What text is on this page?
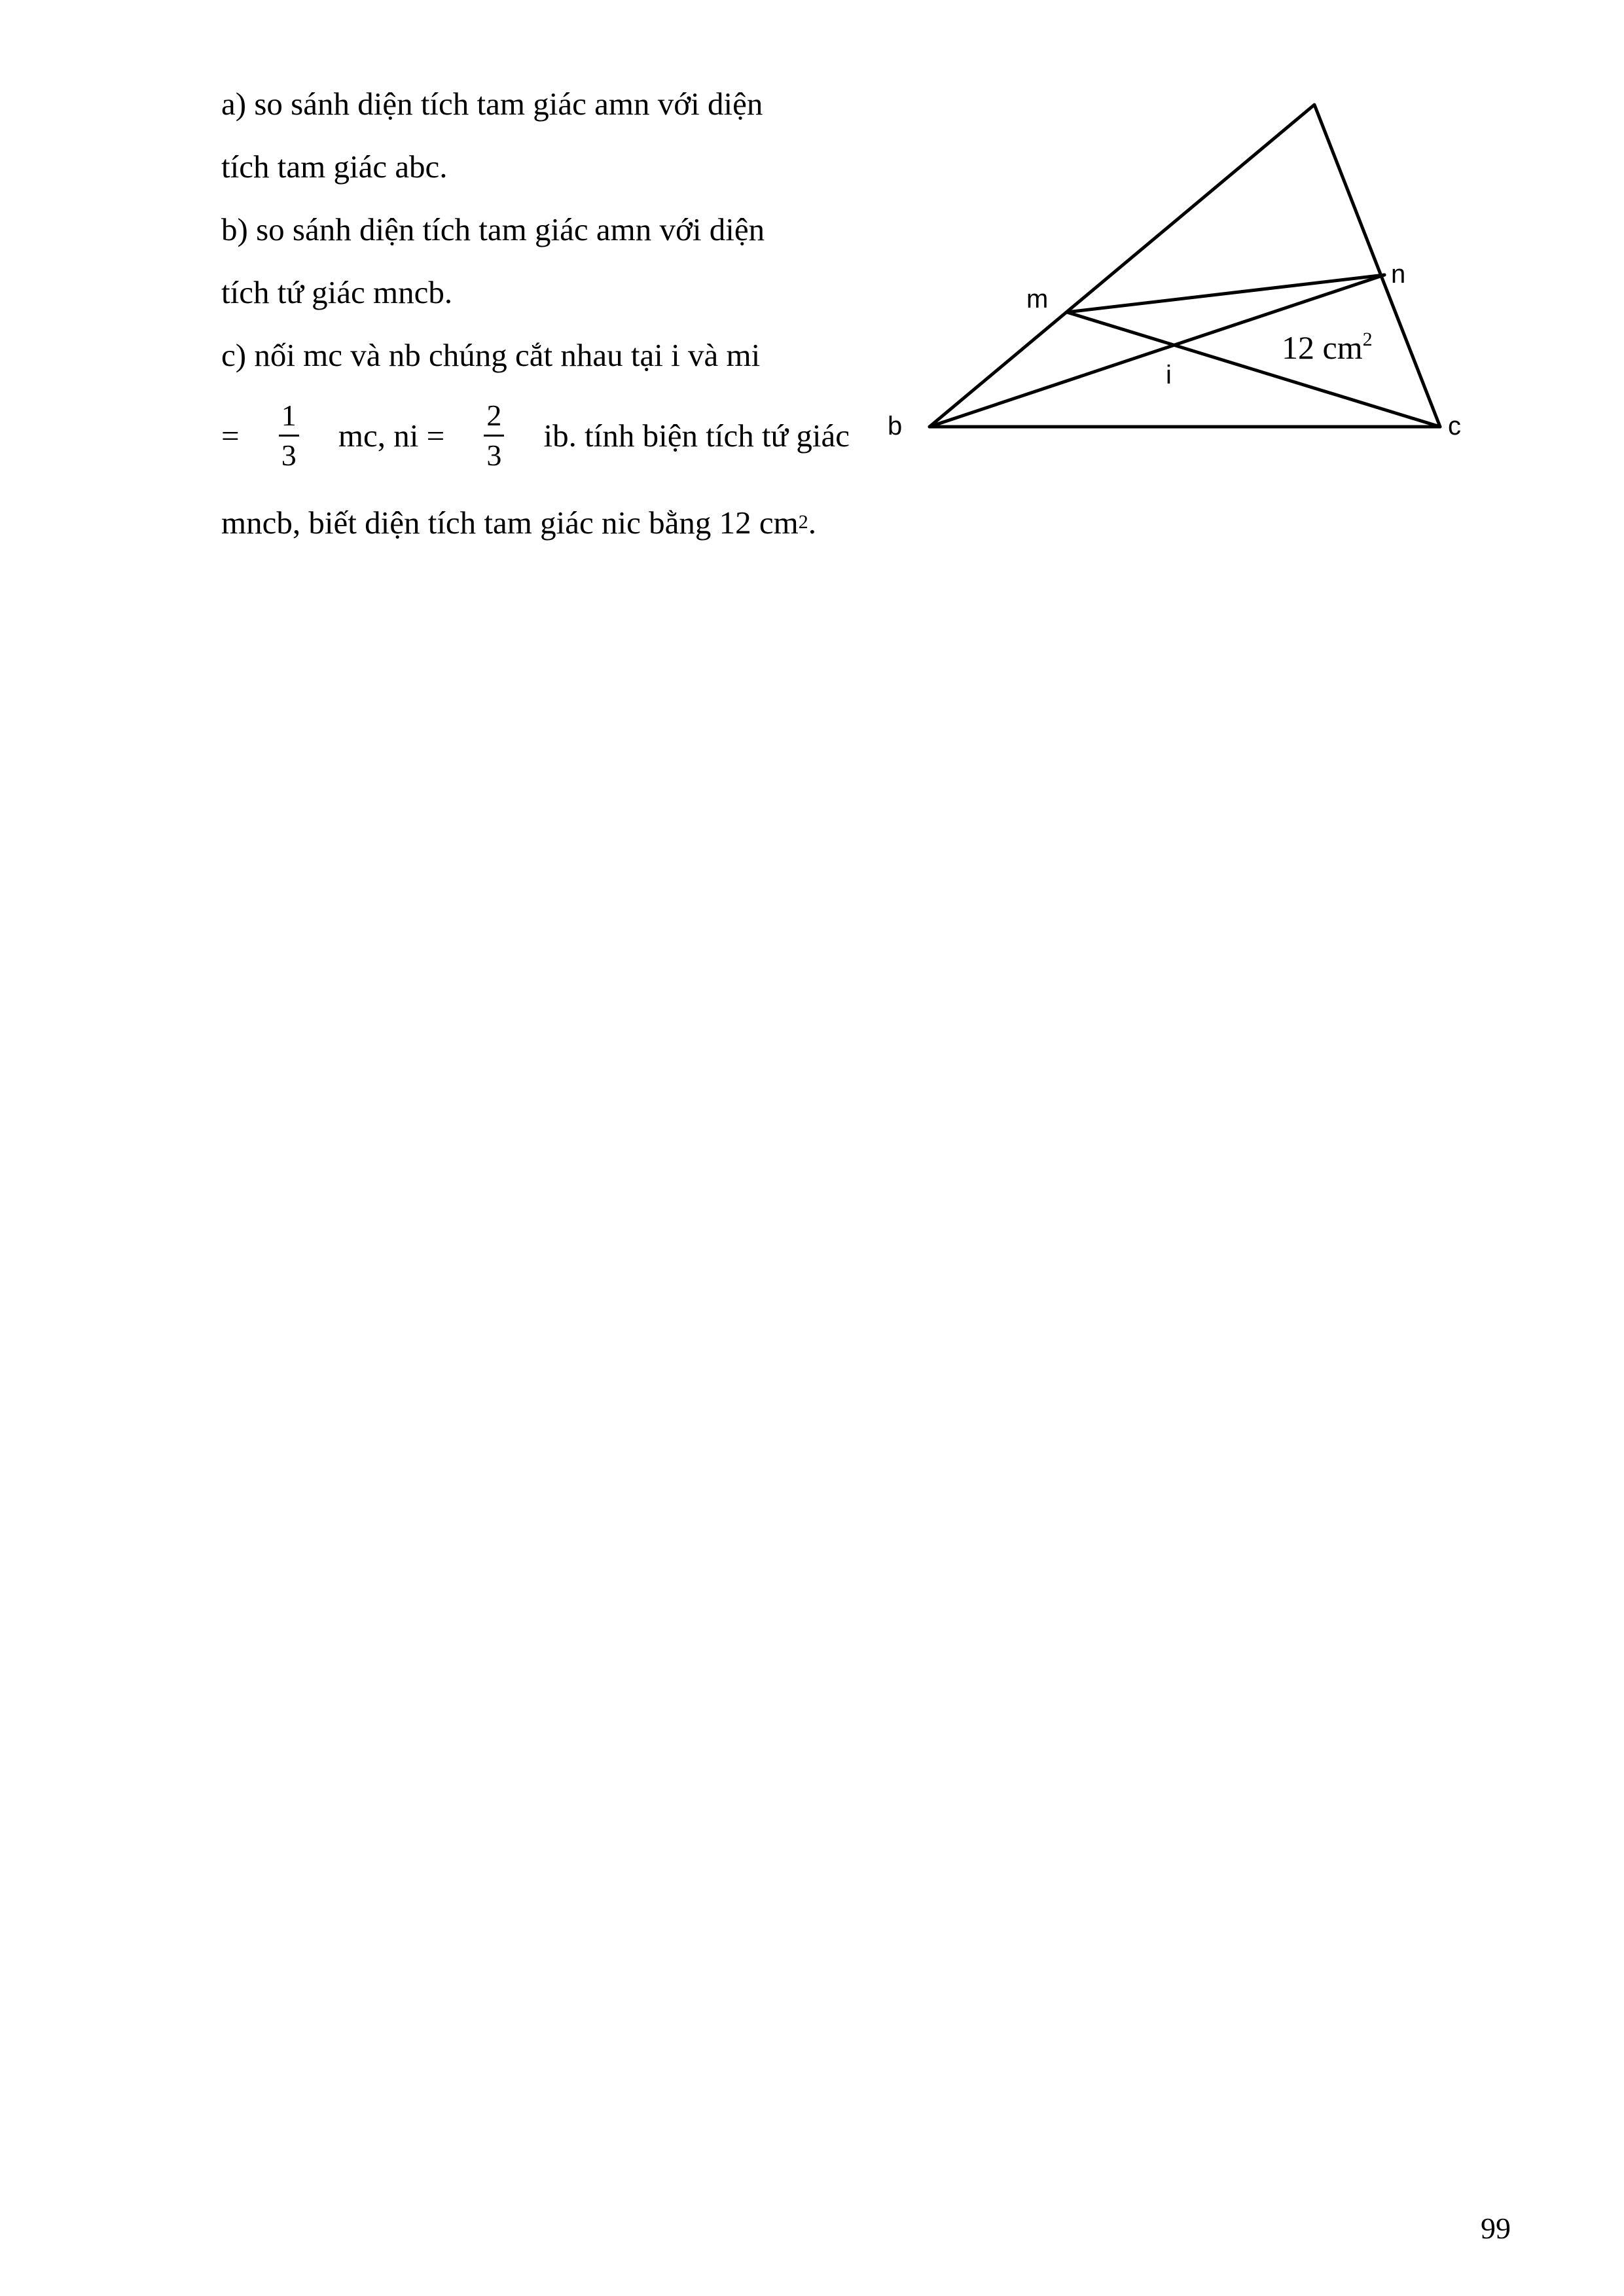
a) so sánh diện tích tam giác amn với diện
tích tam giác abc.
b) so sánh diện tích tam giác amn với diện
tích tứ giác mncb.
c) nối mc và nb chúng cắt nhau tại i và mi
= $\frac{1}{3}$ mc, ni = $\frac{2}{3}$ ib. tính biện tích tứ giác
mncb, biết diện tích tam giác nic bằng 12 cm 2 .
m
n
i
b	c
12 $cm^2$
99
